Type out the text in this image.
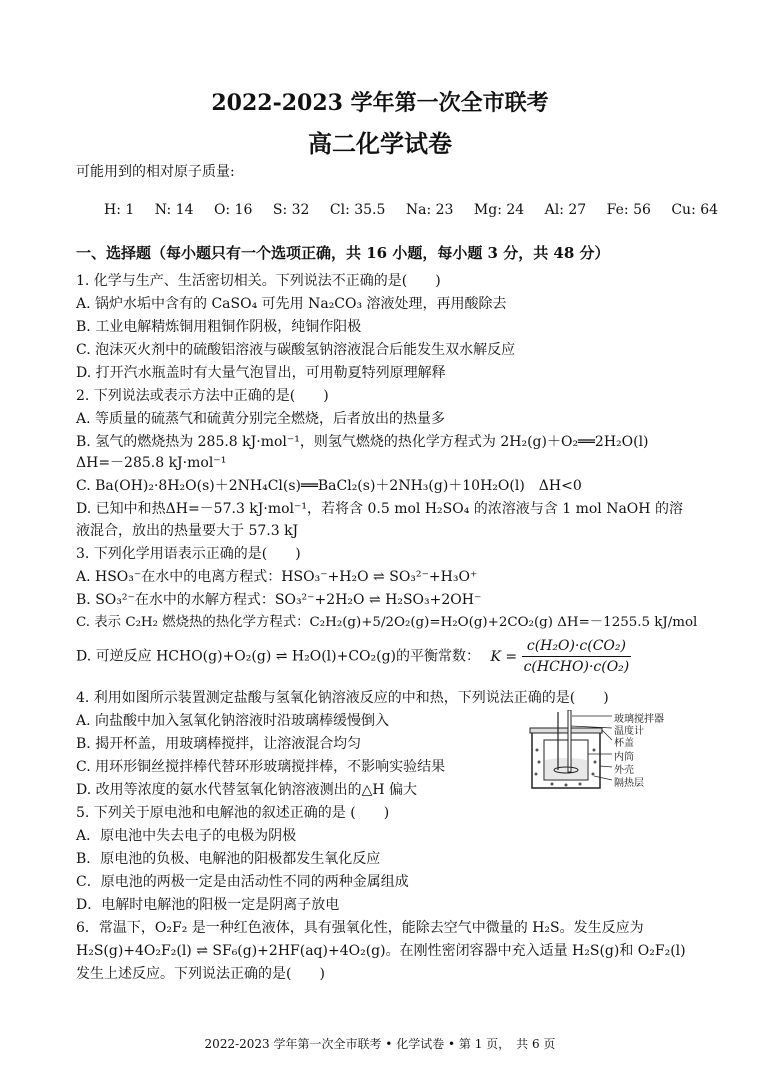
2022-2023 学年第一次全市联考
高二化学试卷
可能用到的相对原子质量:
H: 1 N: 14 O: 16 S: 32 Cl: 35.5 Na: 23 Mg: 24 Al: 27 Fe: 56 Cu: 64
一、选择题（每小题只有一个选项正确，共 16 小题，每小题 3 分，共 48 分）
1. 化学与生产、生活密切相关。下列说法不正确的是(　　)
A. 锅炉水垢中含有的 CaSO₄ 可先用 Na₂CO₃ 溶液处理，再用酸除去
B. 工业电解精炼铜用粗铜作阴极，纯铜作阳极
C. 泡沫灭火剂中的硫酸铝溶液与碳酸氢钠溶液混合后能发生双水解反应
D. 打开汽水瓶盖时有大量气泡冒出，可用勒夏特列原理解释
2. 下列说法或表示方法中正确的是(　　)
A. 等质量的硫蒸气和硫黄分别完全燃烧，后者放出的热量多
B. 氢气的燃烧热为 285.8 kJ·mol⁻¹，则氢气燃烧的热化学方程式为 2H₂(g)＋O₂══2H₂O(l)
ΔH=－285.8 kJ·mol⁻¹
C. Ba(OH)₂·8H₂O(s)＋2NH₄Cl(s)══BaCl₂(s)＋2NH₃(g)＋10H₂O(l)　ΔH<0
D. 已知中和热ΔH=－57.3 kJ·mol⁻¹，若将含 0.5 mol H₂SO₄ 的浓溶液与含 1 mol NaOH 的溶
液混合，放出的热量要大于 57.3 kJ
3. 下列化学用语表示正确的是(　　)
A. HSO₃⁻在水中的电离方程式：HSO₃⁻+H₂O ⇌ SO₃²⁻+H₃O⁺
B. SO₃²⁻在水中的水解方程式：SO₃²⁻+2H₂O ⇌ H₂SO₃+2OH⁻
C. 表示 C₂H₂ 燃烧热的热化学方程式：C₂H₂(g)+5/2O₂(g)=H₂O(g)+2CO₂(g) ΔH=－1255.5 kJ/mol
D. 可逆反应 HCHO(g)+O₂(g) ⇌ H₂O(l)+CO₂(g)的平衡常数： $K = \frac{\text{c(H₂O)·c(CO₂)}}{\text{c(HCHO)·c(O₂)}}$
4. 利用如图所示装置测定盐酸与氢氧化钠溶液反应的中和热，下列说法正确的是(　　)
A. 向盐酸中加入氢氧化钠溶液时沿玻璃棒缓慢倒入
B. 揭开杯盖，用玻璃棒搅拌，让溶液混合均匀
C. 用环形铜丝搅拌棒代替环形玻璃搅拌棒，不影响实验结果
D. 改用等浓度的氨水代替氢氧化钠溶液测出的△H 偏大
玻璃搅拌器
温度计
杯盖
内筒
外壳
隔热层
5. 下列关于原电池和电解池的叙述正确的是 (　　)
A．原电池中失去电子的电极为阴极
B．原电池的负极、电解池的阳极都发生氧化反应
C．原电池的两极一定是由活动性不同的两种金属组成
D．电解时电解池的阳极一定是阴离子放电
6．常温下，O₂F₂ 是一种红色液体，具有强氧化性，能除去空气中微量的 H₂S。发生反应为
H₂S(g)+4O₂F₂(l) ⇌ SF₆(g)+2HF(aq)+4O₂(g)。在刚性密闭容器中充入适量 H₂S(g)和 O₂F₂(l)
发生上述反应。下列说法正确的是(　　)
2022-2023 学年第一次全市联考 • 化学试卷 • 第 1 页，　共 6 页
